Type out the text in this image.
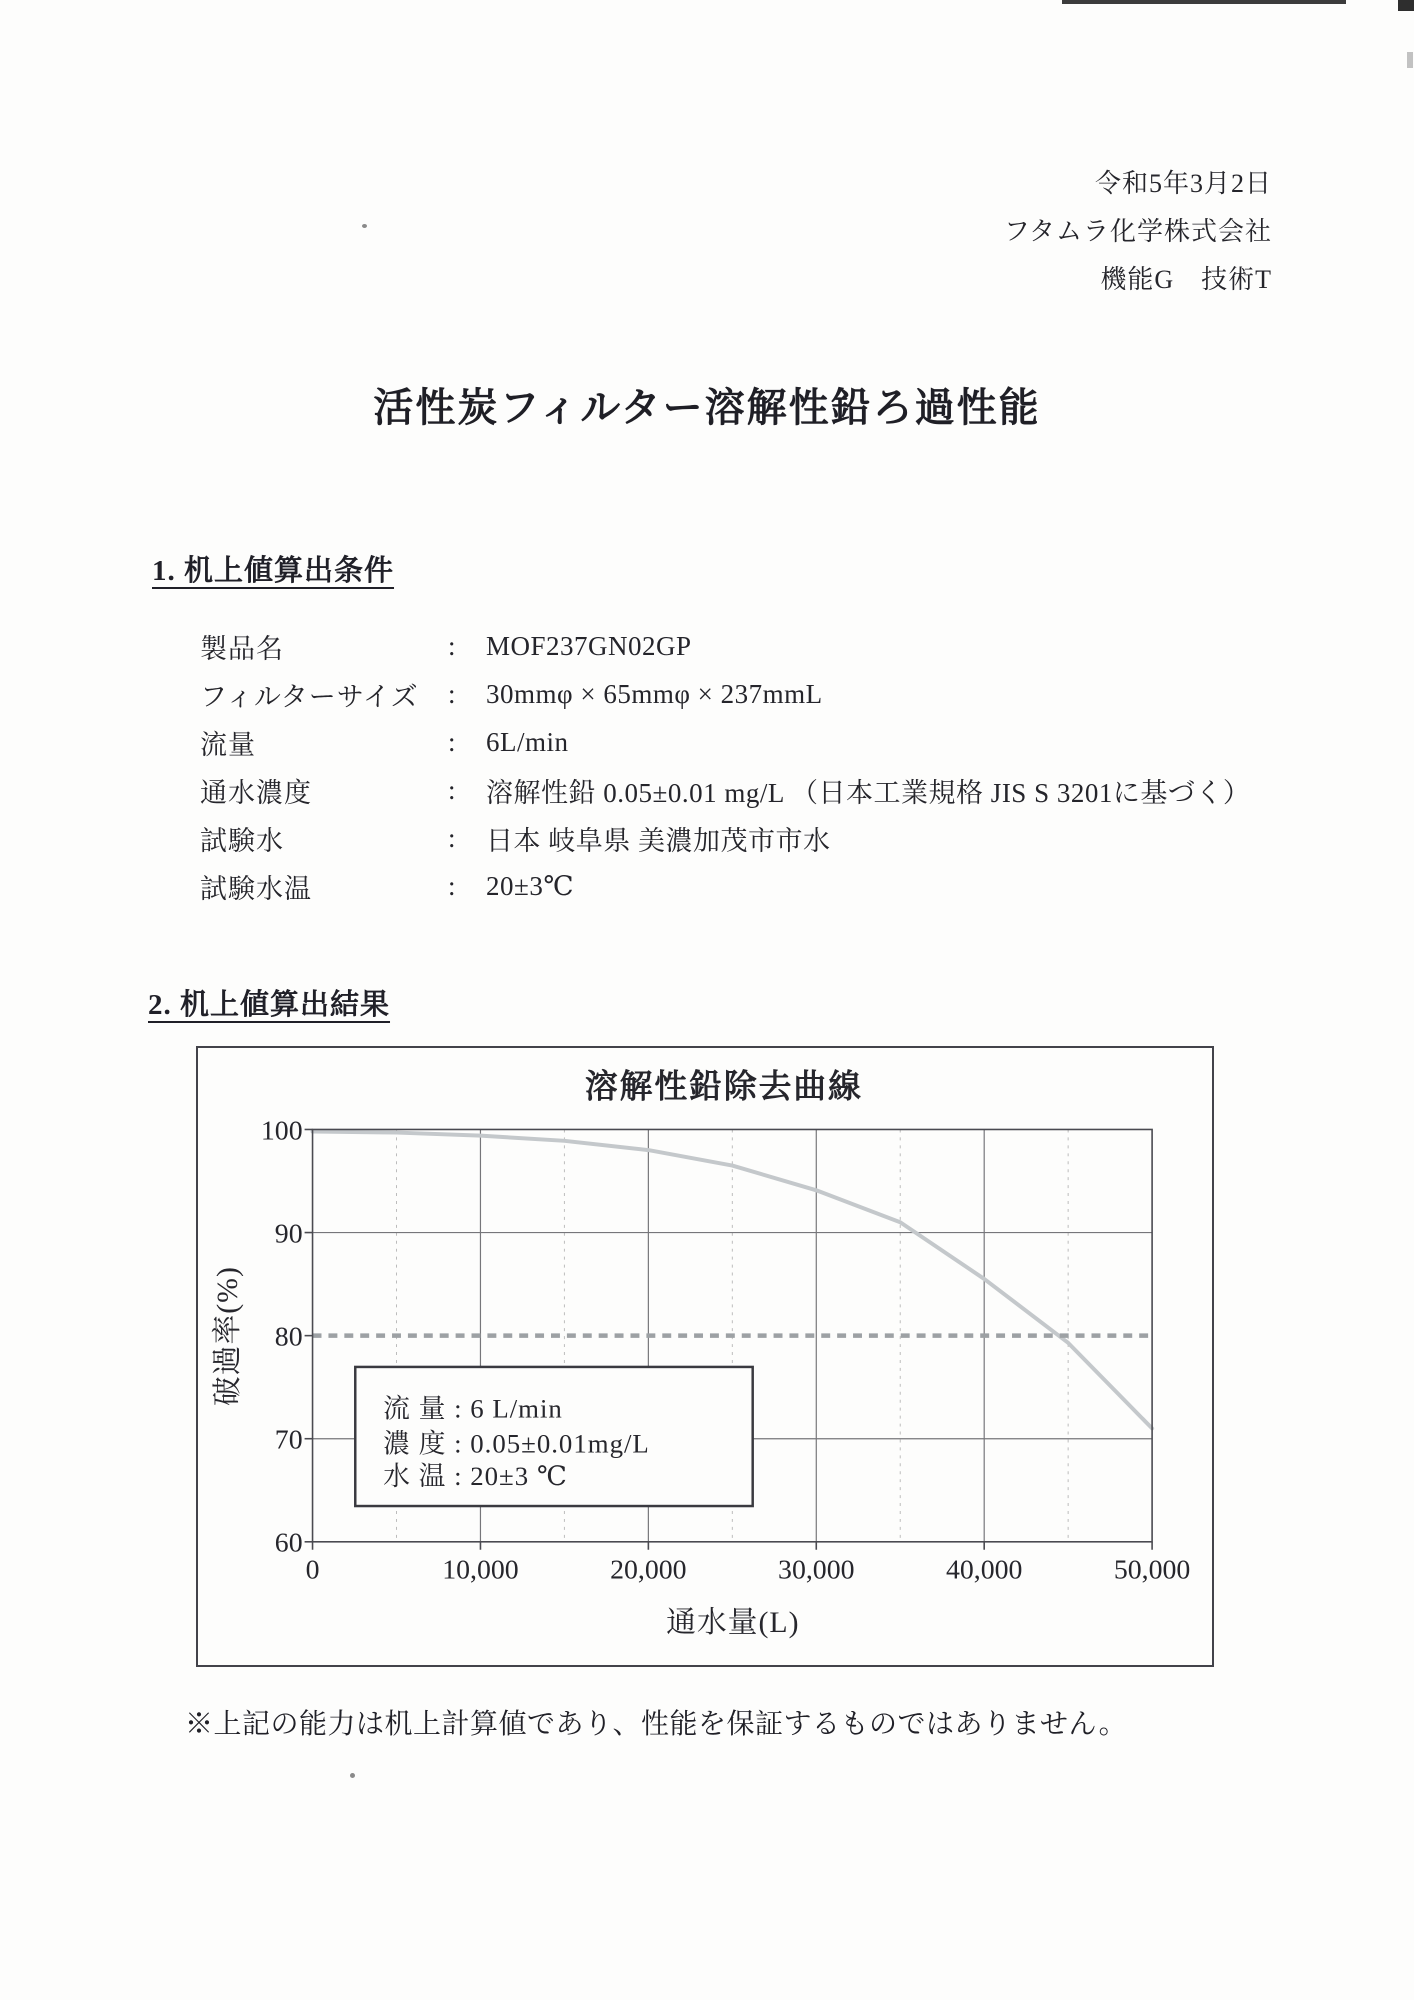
令和5年3月2日
フタムラ化学株式会社
機能G　技術T
活性炭フィルター溶解性鉛ろ過性能
1. 机上値算出条件
製品名	:	MOF237GN02GP
フィルターサイズ	:	30mmφ × 65mmφ × 237mmL
流量	:	6L/min
通水濃度	:	溶解性鉛 0.05±0.01 mg/L （日本工業規格 JIS S 3201に基づく）
試験水	:	日本 岐阜県 美濃加茂市市水
試験水温	:	20±3℃
2. 机上値算出結果
流 量 : 6 L/min
濃 度 : 0.05±0.01mg/L
水 温 : 20±3 ℃
溶解性鉛除去曲線
通水量(L)
破過率(%)
0	10,000	20,000	30,000	40,000	50,000
100
90
80
70
60
※上記の能力は机上計算値であり、性能を保証するものではありません。
